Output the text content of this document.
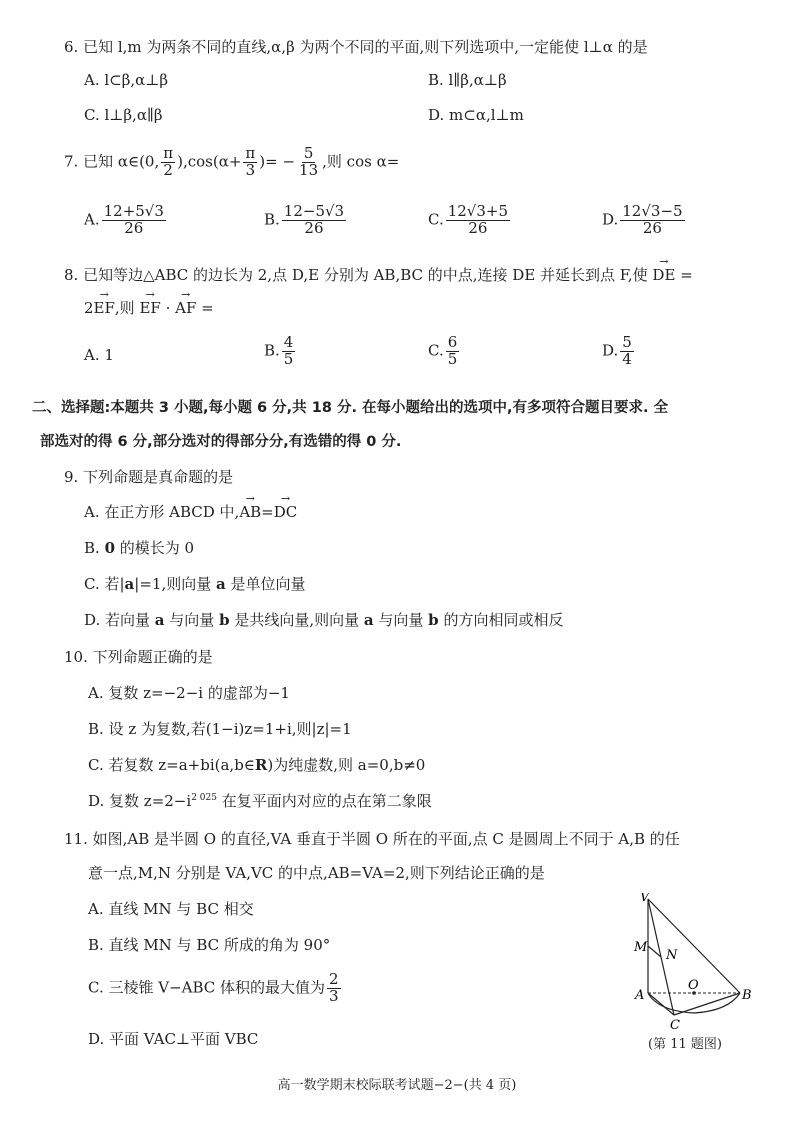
6. 已知 l,m 为两条不同的直线,α,β 为两个不同的平面,则下列选项中,一定能使 l⊥α 的是
A. l⊂β,α⊥β	B. l∥β,α⊥β
C. l⊥β,α∥β	D. m⊂α,l⊥m
7. 已知 α∈(0, $\frac{\pi}{2} ),\cos(\alpha+ \frac{\pi}{3}$ )= − $\frac{5}{13}$ ,则 cos α=
A. $\frac{12+5√3}{26}$	B. $\frac{12-5√3}{26}$	C. $\frac{12√3+5}{26}$	D. $\frac{12√3-5}{26}$
8. 已知等边△ABC 的边长为 2,点 D,E 分别为 AB,BC 的中点,连接 DE 并延长到点 F,使 → DE =
2→ EF,则 → EF · → AF =
A. 1	B. $\frac{4}{5}$	C. $\frac{6}{5}$	D. $\frac{5}{4}$
二、选择题:本题共 3 小题,每小题 6 分,共 18 分. 在每小题给出的选项中,有多项符合题目要求. 全
部选对的得 6 分,部分选对的得部分分,有选错的得 0 分.
9. 下列命题是真命题的是
A. 在正方形 ABCD 中,→ AB=→ DC
B. 0 的模长为 0
C. 若|a|=1,则向量 a 是单位向量
D. 若向量 a 与向量 b 是共线向量,则向量 a 与向量 b 的方向相同或相反
10. 下列命题正确的是
A. 复数 z=−2−i 的虚部为−1
B. 设 z 为复数,若(1−i)z=1+i,则|z|=1
C. 若复数 z=a+bi(a,b∈R)为纯虚数,则 a=0,b≠0
D. 复数 $z=2-i^{2 025}$ 在复平面内对应的点在第二象限
11. 如图,AB 是半圆 O 的直径,VA 垂直于半圆 O 所在的平面,点 C 是圆周上不同于 A,B 的任
意一点,M,N 分别是 VA,VC 的中点,AB=VA=2,则下列结论正确的是
A. 直线 MN 与 BC 相交
B. 直线 MN 与 BC 所成的角为 90°
C. 三棱锥 V−ABC 体积的最大值为 $\frac{2}{3}$
D. 平面 VAC⊥平面 VBC
V
M
N
A
O
B
C
(第 11 题图)
高一数学期末校际联考试题−2−(共 4 页)
